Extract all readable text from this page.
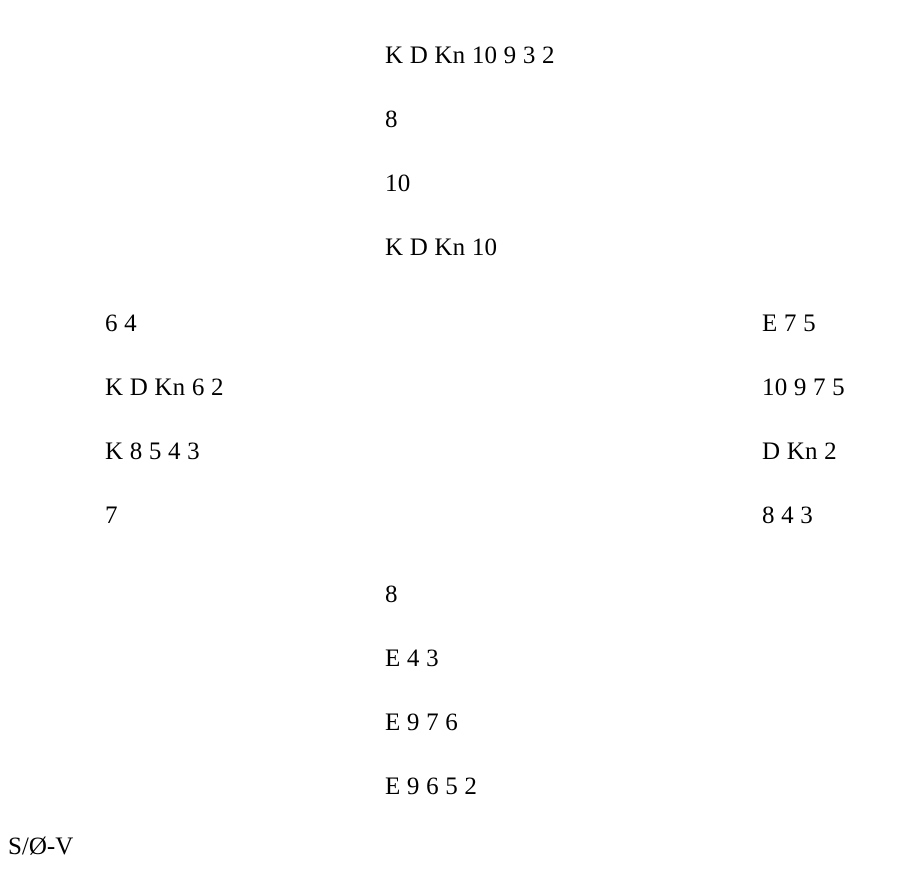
K D Kn 10 9 3 2
8
10
K D Kn 10
6 4
K D Kn 6 2
K 8 5 4 3
7
E 7 5
10 9 7 5
D Kn 2
8 4 3
8
E 4 3
E 9 7 6
E 9 6 5 2
S/Ø-V
